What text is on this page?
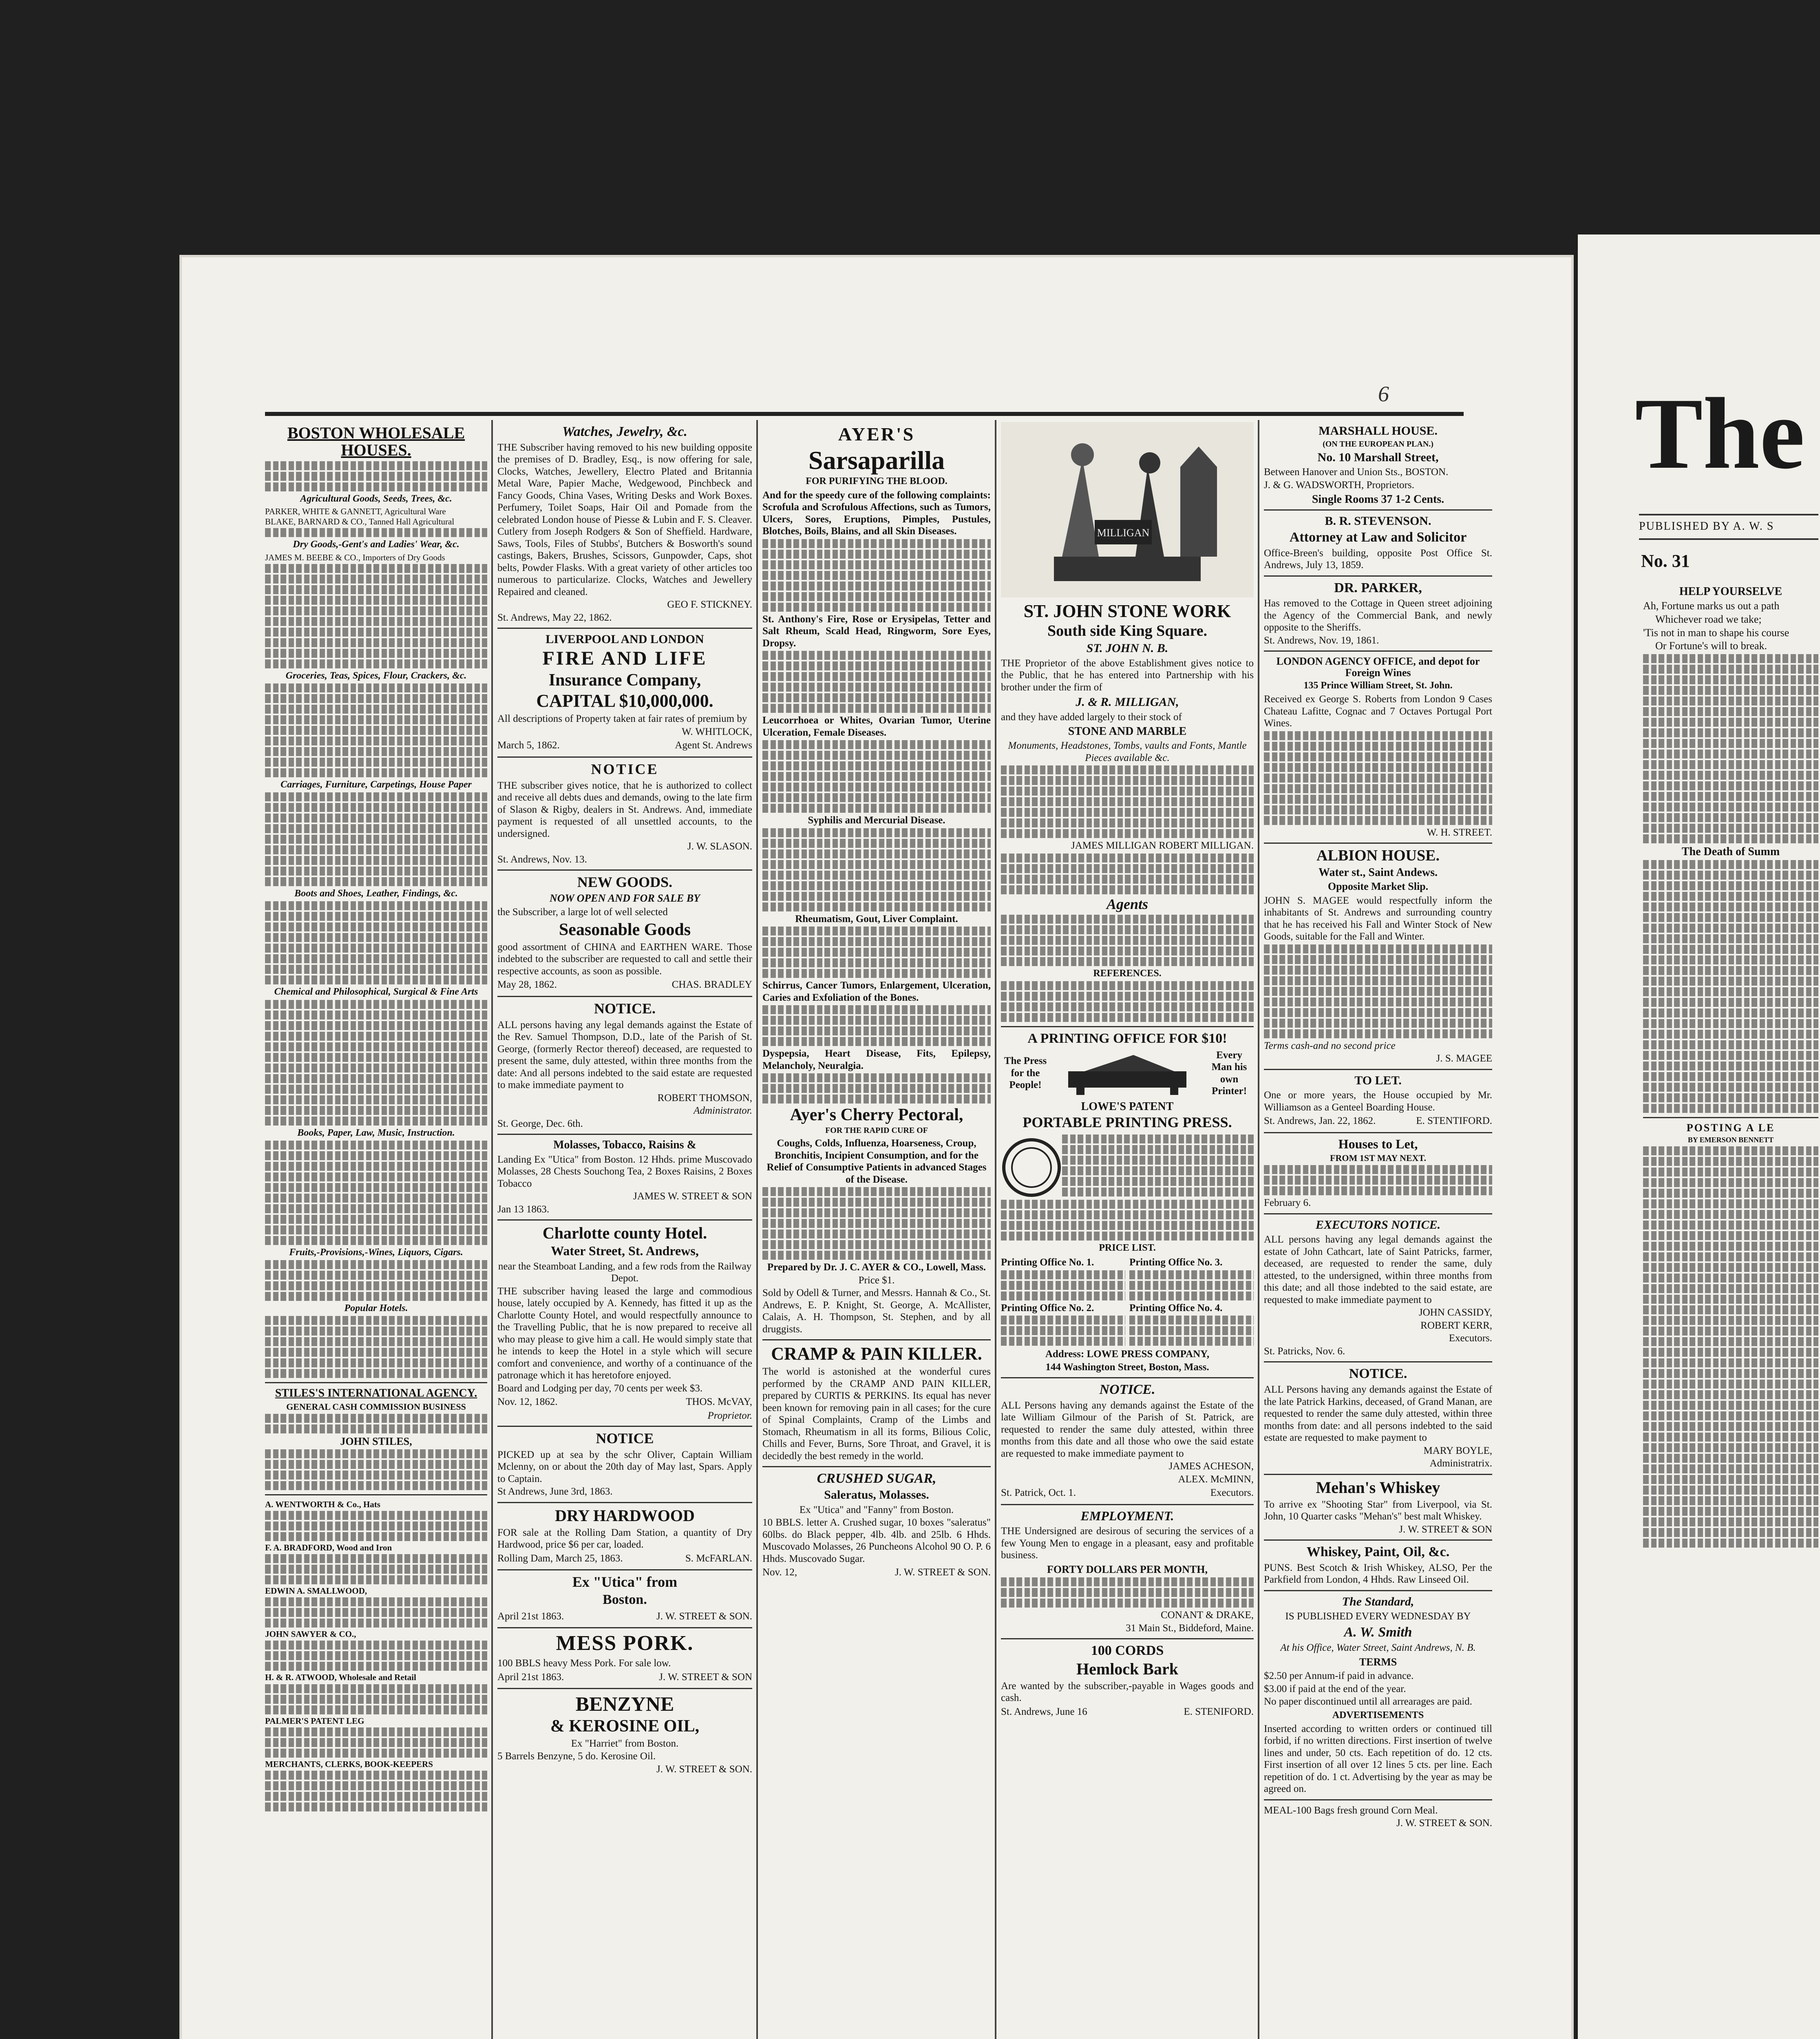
6
BOSTON WHOLESALE HOUSES.
Agricultural Goods, Seeds, Trees, &c.
PARKER, WHITE & GANNETT, Agricultural Ware
BLAKE, BARNARD & CO., Tanned Hall Agricultural
Dry Goods,-Gent's and Ladies' Wear, &c.
JAMES M. BEEBE & CO., Importers of Dry Goods
Groceries, Teas, Spices, Flour, Crackers, &c.
Carriages, Furniture, Carpetings, House Paper
Boots and Shoes, Leather, Findings, &c.
Chemical and Philosophical, Surgical & Fine Arts
Books, Paper, Law, Music, Instruction.
Fruits,-Provisions,-Wines, Liquors, Cigars.
Popular Hotels.
STILES'S INTERNATIONAL AGENCY.
GENERAL CASH COMMISSION BUSINESS
JOHN STILES,
A. WENTWORTH & Co., Hats
F. A. BRADFORD, Wood and Iron
EDWIN A. SMALLWOOD,
JOHN SAWYER & CO.,
H. & R. ATWOOD, Wholesale and Retail
PALMER'S PATENT LEG
MERCHANTS, CLERKS, BOOK-KEEPERS
Watches, Jewelry, &c.
THE Subscriber having removed to his new building opposite the premises of D. Bradley, Esq., is now offering for sale, Clocks, Watches, Jewellery, Electro Plated and Britannia Metal Ware, Papier Mache, Wedgewood, Pinchbeck and Fancy Goods, China Vases, Writing Desks and Work Boxes. Perfumery, Toilet Soaps, Hair Oil and Pomade from the celebrated London house of Piesse & Lubin and F. S. Cleaver. Cutlery from Joseph Rodgers & Son of Sheffield. Hardware, Saws, Tools, Files of Stubbs', Butchers & Bosworth's sound castings, Bakers, Brushes, Scissors, Gunpowder, Caps, shot belts, Powder Flasks. With a great variety of other articles too numerous to particularize. Clocks, Watches and Jewellery Repaired and cleaned.
GEO F. STICKNEY.
St. Andrews, May 22, 1862.
LIVERPOOL AND LONDON
FIRE AND LIFE
Insurance Company,
CAPITAL $10,000,000.
All descriptions of Property taken at fair rates of premium by
W. WHITLOCK,
March 5, 1862.	Agent St. Andrews
NOTICE
THE subscriber gives notice, that he is authorized to collect and receive all debts dues and demands, owing to the late firm of Slason & Rigby, dealers in St. Andrews. And, immediate payment is requested of all unsettled accounts, to the undersigned.
J. W. SLASON.
St. Andrews, Nov. 13.
NEW GOODS.
NOW OPEN AND FOR SALE BY
the Subscriber, a large lot of well selected
Seasonable Goods
good assortment of CHINA and EARTHEN WARE. Those indebted to the subscriber are requested to call and settle their respective accounts, as soon as possible.
May 28, 1862.	CHAS. BRADLEY
NOTICE.
ALL persons having any legal demands against the Estate of the Rev. Samuel Thompson, D.D., late of the Parish of St. George, (formerly Rector thereof) deceased, are requested to present the same, duly attested, within three months from the date: And all persons indebted to the said estate are requested to make immediate payment to
ROBERT THOMSON,
Administrator.
St. George, Dec. 6th.
Molasses, Tobacco, Raisins &
Landing Ex "Utica" from Boston. 12 Hhds. prime Muscovado Molasses, 28 Chests Souchong Tea, 2 Boxes Raisins, 2 Boxes Tobacco
JAMES W. STREET & SON
Jan 13 1863.
Charlotte county Hotel.
Water Street, St. Andrews,
near the Steamboat Landing, and a few rods from the Railway Depot.
THE subscriber having leased the large and commodious house, lately occupied by A. Kennedy, has fitted it up as the Charlotte County Hotel, and would respectfully announce to the Travelling Public, that he is now prepared to receive all who may please to give him a call. He would simply state that he intends to keep the Hotel in a style which will secure comfort and convenience, and worthy of a continuance of the patronage which it has heretofore enjoyed.
Board and Lodging per day, 70 cents per week $3.
Nov. 12, 1862.	THOS. McVAY,
Proprietor.
NOTICE
PICKED up at sea by the schr Oliver, Captain William Mclenny, on or about the 20th day of May last, Spars. Apply to Captain.
St Andrews, June 3rd, 1863.
DRY HARDWOOD
FOR sale at the Rolling Dam Station, a quantity of Dry Hardwood, price $6 per car, loaded.
Rolling Dam, March 25, 1863.	S. McFARLAN.
Ex "Utica" from
Boston.
April 21st 1863.	J. W. STREET & SON.
MESS PORK.
100 BBLS heavy Mess Pork. For sale low.
April 21st 1863.	J. W. STREET & SON
BENZYNE
& KEROSINE OIL,
Ex "Harriet" from Boston.
5 Barrels Benzyne, 5 do. Kerosine Oil.
J. W. STREET & SON.
AYER'S
Sarsaparilla
FOR PURIFYING THE BLOOD.
And for the speedy cure of the following complaints: Scrofula and Scrofulous Affections, such as Tumors, Ulcers, Sores, Eruptions, Pimples, Pustules, Blotches, Boils, Blains, and all Skin Diseases.
St. Anthony's Fire, Rose or Erysipelas, Tetter and Salt Rheum, Scald Head, Ringworm, Sore Eyes, Dropsy.
Leucorrhoea or Whites, Ovarian Tumor, Uterine Ulceration, Female Diseases.
Syphilis and Mercurial Disease.
Rheumatism, Gout, Liver Complaint.
Schirrus, Cancer Tumors, Enlargement, Ulceration, Caries and Exfoliation of the Bones.
Dyspepsia, Heart Disease, Fits, Epilepsy, Melancholy, Neuralgia.
Ayer's Cherry Pectoral,
FOR THE RAPID CURE OF
Coughs, Colds, Influenza, Hoarseness, Croup, Bronchitis, Incipient Consumption, and for the Relief of Consumptive Patients in advanced Stages of the Disease.
Prepared by Dr. J. C. AYER & CO., Lowell, Mass.
Price $1.
Sold by Odell & Turner, and Messrs. Hannah & Co., St. Andrews, E. P. Knight, St. George, A. McAllister, Calais, A. H. Thompson, St. Stephen, and by all druggists.
CRAMP & PAIN KILLER.
The world is astonished at the wonderful cures performed by the CRAMP AND PAIN KILLER, prepared by CURTIS & PERKINS. Its equal has never been known for removing pain in all cases; for the cure of Spinal Complaints, Cramp of the Limbs and Stomach, Rheumatism in all its forms, Bilious Colic, Chills and Fever, Burns, Sore Throat, and Gravel, it is decidedly the best remedy in the world.
CRUSHED SUGAR,
Saleratus, Molasses.
Ex "Utica" and "Fanny" from Boston.
10 BBLS. letter A. Crushed sugar, 10 boxes "saleratus" 60lbs. do Black pepper, 4lb. 4lb. and 25lb. 6 Hhds. Muscovado Molasses, 26 Puncheons Alcohol 90 O. P. 6 Hhds. Muscovado Sugar.
Nov. 12,	J. W. STREET & SON.
MILLIGAN
ST. JOHN STONE WORK
South side King Square.
ST. JOHN N. B.
THE Proprietor of the above Establishment gives notice to the Public, that he has entered into Partnership with his brother under the firm of
J. & R. MILLIGAN,
and they have added largely to their stock of
STONE AND MARBLE
Monuments, Headstones, Tombs, vaults and Fonts, Mantle Pieces available &c.
JAMES MILLIGAN ROBERT MILLIGAN.
Agents
REFERENCES.
A PRINTING OFFICE FOR $10!
The Press for the People!
Every Man his own Printer!
LOWE'S PATENT
PORTABLE PRINTING PRESS.
PRICE LIST.
Printing Office No. 1.
Printing Office No. 2.
Printing Office No. 3.
Printing Office No. 4.
Address: LOWE PRESS COMPANY,
144 Washington Street, Boston, Mass.
NOTICE.
ALL Persons having any demands against the Estate of the late William Gilmour of the Parish of St. Patrick, are requested to render the same duly attested, within three months from this date and all those who owe the said estate are requested to make immediate payment to
JAMES ACHESON,
ALEX. McMINN,
St. Patrick, Oct. 1.	Executors.
EMPLOYMENT.
THE Undersigned are desirous of securing the services of a few Young Men to engage in a pleasant, easy and profitable business.
FORTY DOLLARS PER MONTH,
CONANT & DRAKE,
31 Main St., Biddeford, Maine.
100 CORDS
Hemlock Bark
Are wanted by the subscriber,-payable in Wages goods and cash.
St. Andrews, June 16	E. STENIFORD.
MARSHALL HOUSE.
(ON THE EUROPEAN PLAN.)
No. 10 Marshall Street,
Between Hanover and Union Sts., BOSTON.
J. & G. WADSWORTH, Proprietors.
Single Rooms 37 1-2 Cents.
B. R. STEVENSON.
Attorney at Law and Solicitor
Office-Breen's building, opposite Post Office St. Andrews, July 13, 1859.
DR. PARKER,
Has removed to the Cottage in Queen street adjoining the Agency of the Commercial Bank, and newly opposite to the Sheriffs.
St. Andrews, Nov. 19, 1861.
LONDON AGENCY OFFICE, and depot for Foreign Wines
135 Prince William Street, St. John.
Received ex George S. Roberts from London 9 Cases Chateau Lafitte, Cognac and 7 Octaves Portugal Port Wines.
W. H. STREET.
ALBION HOUSE.
Water st., Saint Andews.
Opposite Market Slip.
JOHN S. MAGEE would respectfully inform the inhabitants of St. Andrews and surrounding country that he has received his Fall and Winter Stock of New Goods, suitable for the Fall and Winter.
Terms cash-and no second price
J. S. MAGEE
TO LET.
One or more years, the House occupied by Mr. Williamson as a Genteel Boarding House.
St. Andrews, Jan. 22, 1862.	E. STENTIFORD.
Houses to Let,
FROM 1ST MAY NEXT.
February 6.
EXECUTORS NOTICE.
ALL persons having any legal demands against the estate of John Cathcart, late of Saint Patricks, farmer, deceased, are requested to render the same, duly attested, to the undersigned, within three months from this date; and all those indebted to the said estate, are requested to make immediate payment to
JOHN CASSIDY,
ROBERT KERR,
Executors.
St. Patricks, Nov. 6.
NOTICE.
ALL Persons having any demands against the Estate of the late Patrick Harkins, deceased, of Grand Manan, are requested to render the same duly attested, within three months from date: and all persons indebted to the said estate are requested to make payment to
MARY BOYLE,
Administratrix.
Mehan's Whiskey
To arrive ex "Shooting Star" from Liverpool, via St. John, 10 Quarter casks "Mehan's" best malt Whiskey.
J. W. STREET & SON
Whiskey, Paint, Oil, &c.
PUNS. Best Scotch & Irish Whiskey, ALSO, Per the Parkfield from London, 4 Hhds. Raw Linseed Oil.
The Standard,
IS PUBLISHED EVERY WEDNESDAY BY
A. W. Smith
At his Office, Water Street, Saint Andrews, N. B.
TERMS
$2.50 per Annum-if paid in advance.
$3.00 if paid at the end of the year.
No paper discontinued until all arrearages are paid.
ADVERTISEMENTS
Inserted according to written orders or continued till forbid, if no written directions. First insertion of twelve lines and under, 50 cts. Each repetition of do. 12 cts. First insertion of all over 12 lines 5 cts. per line. Each repetition of do. 1 ct. Advertising by the year as may be agreed on.
MEAL-100 Bags fresh ground Corn Meal.
J. W. STREET & SON.
The
PUBLISHED BY A. W. S
No. 31
HELP YOURSELVE
Ah, Fortune marks us out a path
Whichever road we take;
'Tis not in man to shape his course
Or Fortune's will to break.
The Death of Summ
POSTING A LE
BY EMERSON BENNETT
